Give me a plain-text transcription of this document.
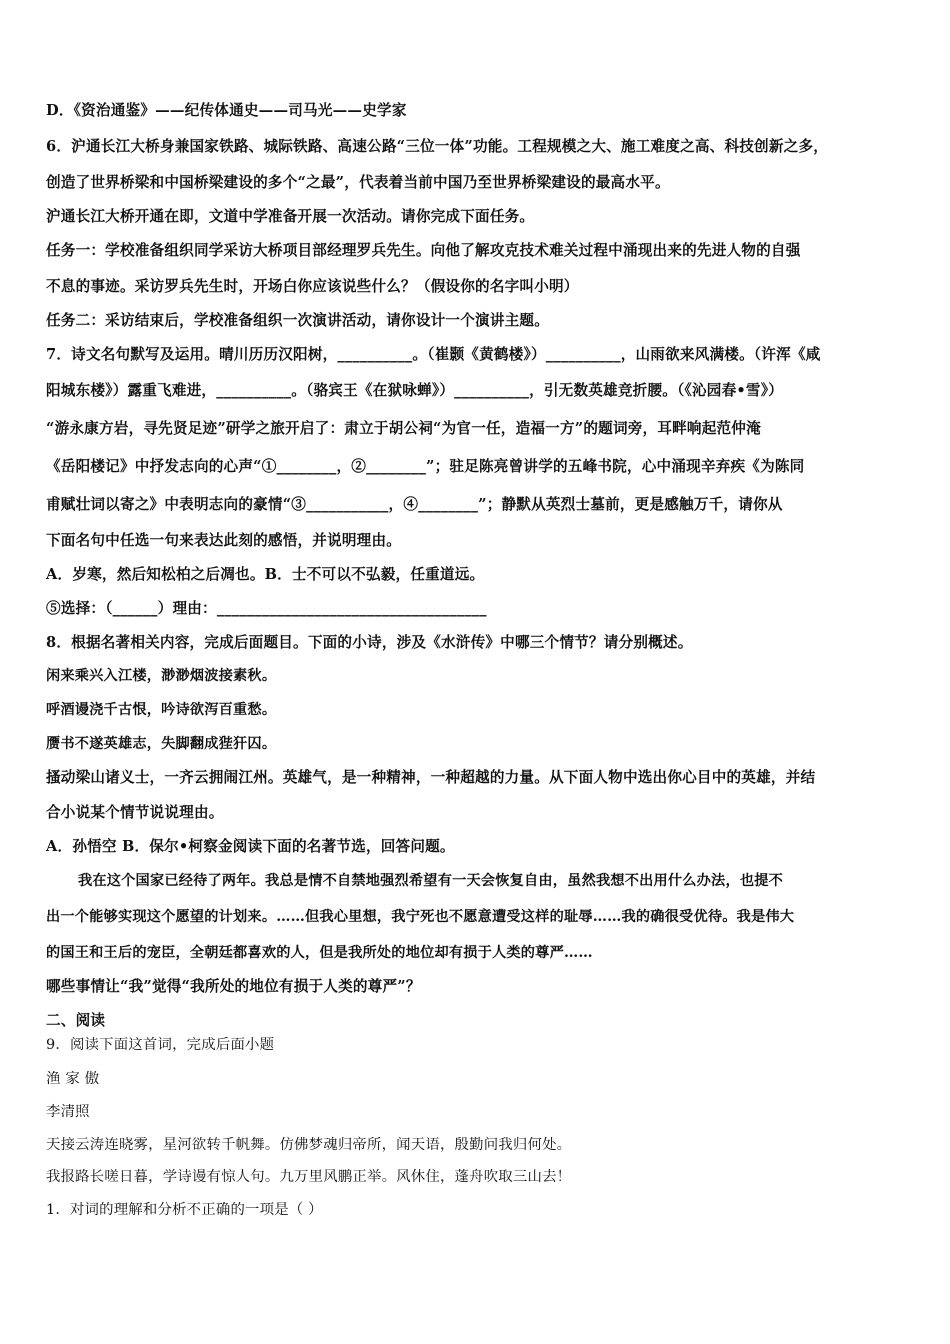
D．《资治通鉴》——纪传体通史——司马光——史学家
6．沪通长江大桥身兼国家铁路、城际铁路、高速公路“三位一体”功能。工程规模之大、施工难度之高、科技创新之多，
创造了世界桥梁和中国桥梁建设的多个“之最”，代表着当前中国乃至世界桥梁建设的最高水平。
沪通长江大桥开通在即，文道中学准备开展一次活动。请你完成下面任务。
任务一：学校准备组织同学采访大桥项目部经理罗兵先生。向他了解攻克技术难关过程中涌现出来的先进人物的自强
不息的事迹。采访罗兵先生时，开场白你应该说些什么？（假设你的名字叫小明）
任务二：采访结束后，学校准备组织一次演讲活动，请你设计一个演讲主题。
7．诗文名句默写及运用。晴川历历汉阳树，__________。（崔颢《黄鹤楼》）__________，山雨欲来风满楼。（许浑《咸
阳城东楼》）露重飞难进，__________。（骆宾王《在狱咏蝉》）__________，引无数英雄竞折腰。（《沁园春•雪》）
“游永康方岩，寻先贤足迹”研学之旅开启了：肃立于胡公祠“为官一任，造福一方”的题词旁，耳畔响起范仲淹
《岳阳楼记》中抒发志向的心声“①________，②________”；驻足陈亮曾讲学的五峰书院，心中涌现辛弃疾《为陈同
甫赋壮词以寄之》中表明志向的豪情“③___________，④________”；静默从英烈士墓前，更是感触万千，请你从
下面名句中任选一句来表达此刻的感悟，并说明理由。
A．岁寒，然后知松柏之后凋也。B．士不可以不弘毅，任重道远。
⑤选择：（______）理由：____________________________________
8．根据名著相关内容，完成后面题目。下面的小诗，涉及《水浒传》中哪三个情节？请分别概述。
闲来乘兴入江楼，渺渺烟波接素秋。
呼酒谩浇千古恨，吟诗欲泻百重愁。
赝书不遂英雄志，失脚翻成狴犴囚。
搔动梁山诸义士，一齐云拥闹江州。英雄气，是一种精神，一种超越的力量。从下面人物中选出你心目中的英雄，并结
合小说某个情节说说理由。
A．孙悟空 B．保尔•柯察金阅读下面的名著节选，回答问题。
我在这个国家已经待了两年。我总是情不自禁地强烈希望有一天会恢复自由，虽然我想不出用什么办法，也提不
出一个能够实现这个愿望的计划来。……但我心里想，我宁死也不愿意遭受这样的耻辱……我的确很受优待。我是伟大
的国王和王后的宠臣，全朝廷都喜欢的人，但是我所处的地位却有损于人类的尊严……
哪些事情让“我”觉得“我所处的地位有损于人类的尊严”？
二、阅读
9．阅读下面这首词，完成后面小题
渔 家 傲
李清照
天接云涛连晓雾，星河欲转千帆舞。仿佛梦魂归帝所，闻天语，殷勤问我归何处。
我报路长嗟日暮，学诗谩有惊人句。九万里风鹏正举。风休住，蓬舟吹取三山去！
1．对词的理解和分析不正确的一项是（ ）
